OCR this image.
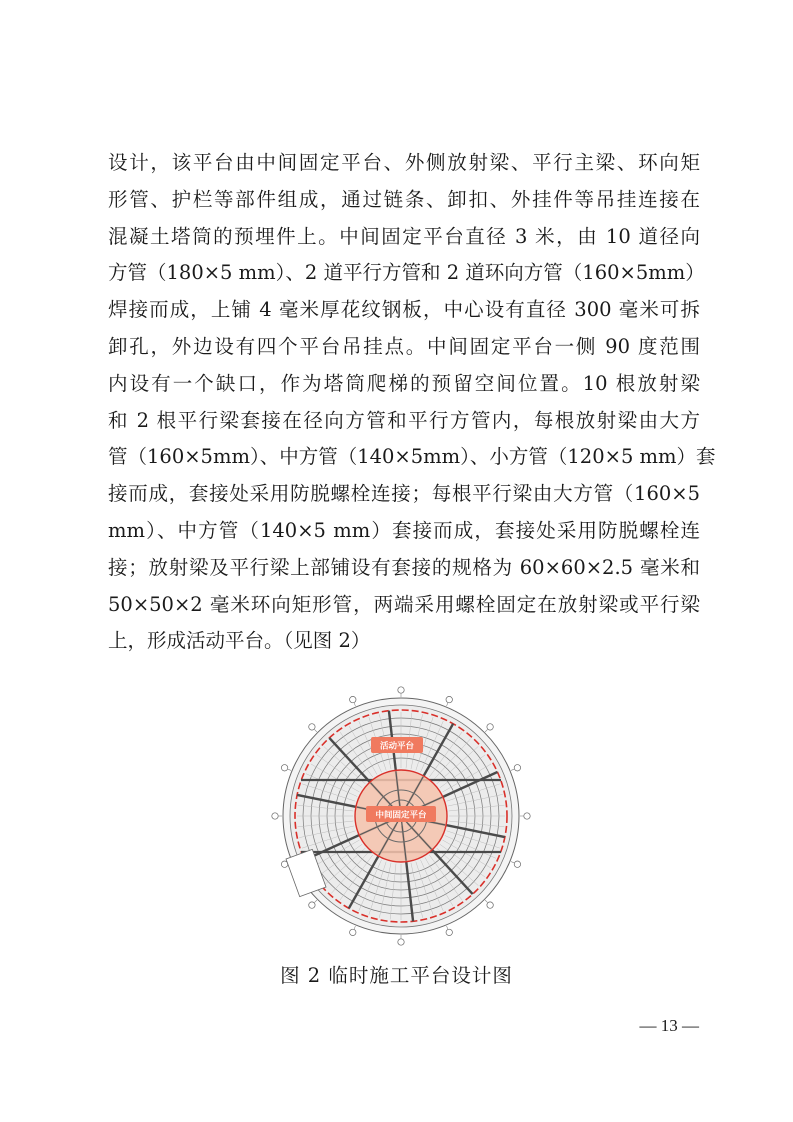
设计，该平台由中间固定平台、外侧放射梁、平行主梁、环向矩

形管、护栏等部件组成，通过链条、卸扣、外挂件等吊挂连接在

混凝土塔筒的预埋件上。中间固定平台直径 3 米，由 10 道径向

方管（180×5 mm）、2 道平行方管和 2 道环向方管（160×5mm）

焊接而成，上铺 4 毫米厚花纹钢板，中心设有直径 300 毫米可拆

卸孔，外边设有四个平台吊挂点。中间固定平台一侧 90 度范围

内设有一个缺口，作为塔筒爬梯的预留空间位置。10 根放射梁

和 2 根平行梁套接在径向方管和平行方管内，每根放射梁由大方

管（160×5mm）、中方管（140×5mm）、小方管（120×5 mm）套

接而成，套接处采用防脱螺栓连接；每根平行梁由大方管（160×5

mm）、中方管（140×5 mm）套接而成，套接处采用防脱螺栓连

接；放射梁及平行梁上部铺设有套接的规格为 60×60×2.5 毫米和

50×50×2 毫米环向矩形管，两端采用螺栓固定在放射梁或平行梁

上，形成活动平台。（见图 2）

活动平台
中间固定平台
图 2 临时施工平台设计图
— 13 —
